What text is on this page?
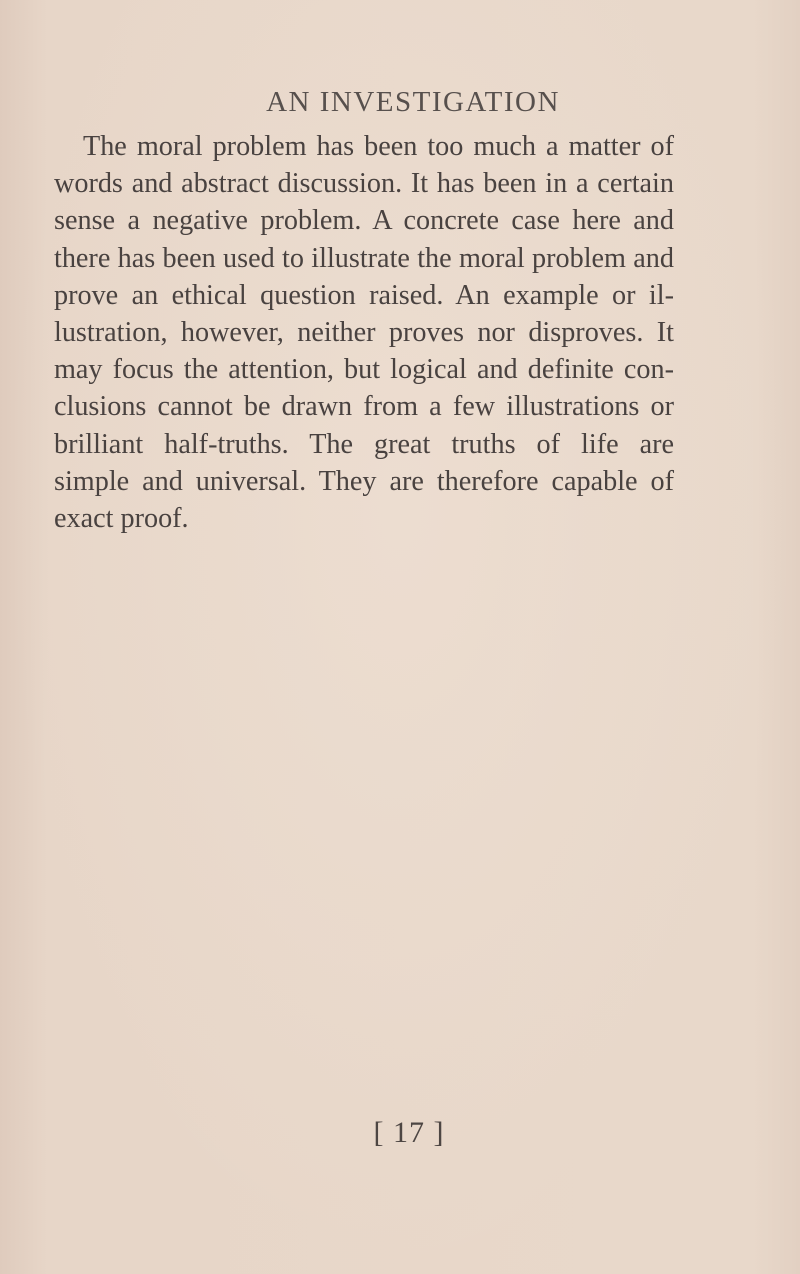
AN INVESTIGATION
The moral problem has been too much a matter of
words and abstract discussion. It has been in a certain
sense a negative problem. A concrete case here and
there has been used to illustrate the moral problem and
prove an ethical question raised. An example or il-
lustration, however, neither proves nor disproves. It
may focus the attention, but logical and definite con-
clusions cannot be drawn from a few illustrations or
brilliant half-truths. The great truths of life are
simple and universal. They are therefore capable of
exact proof.
[ 17 ]
